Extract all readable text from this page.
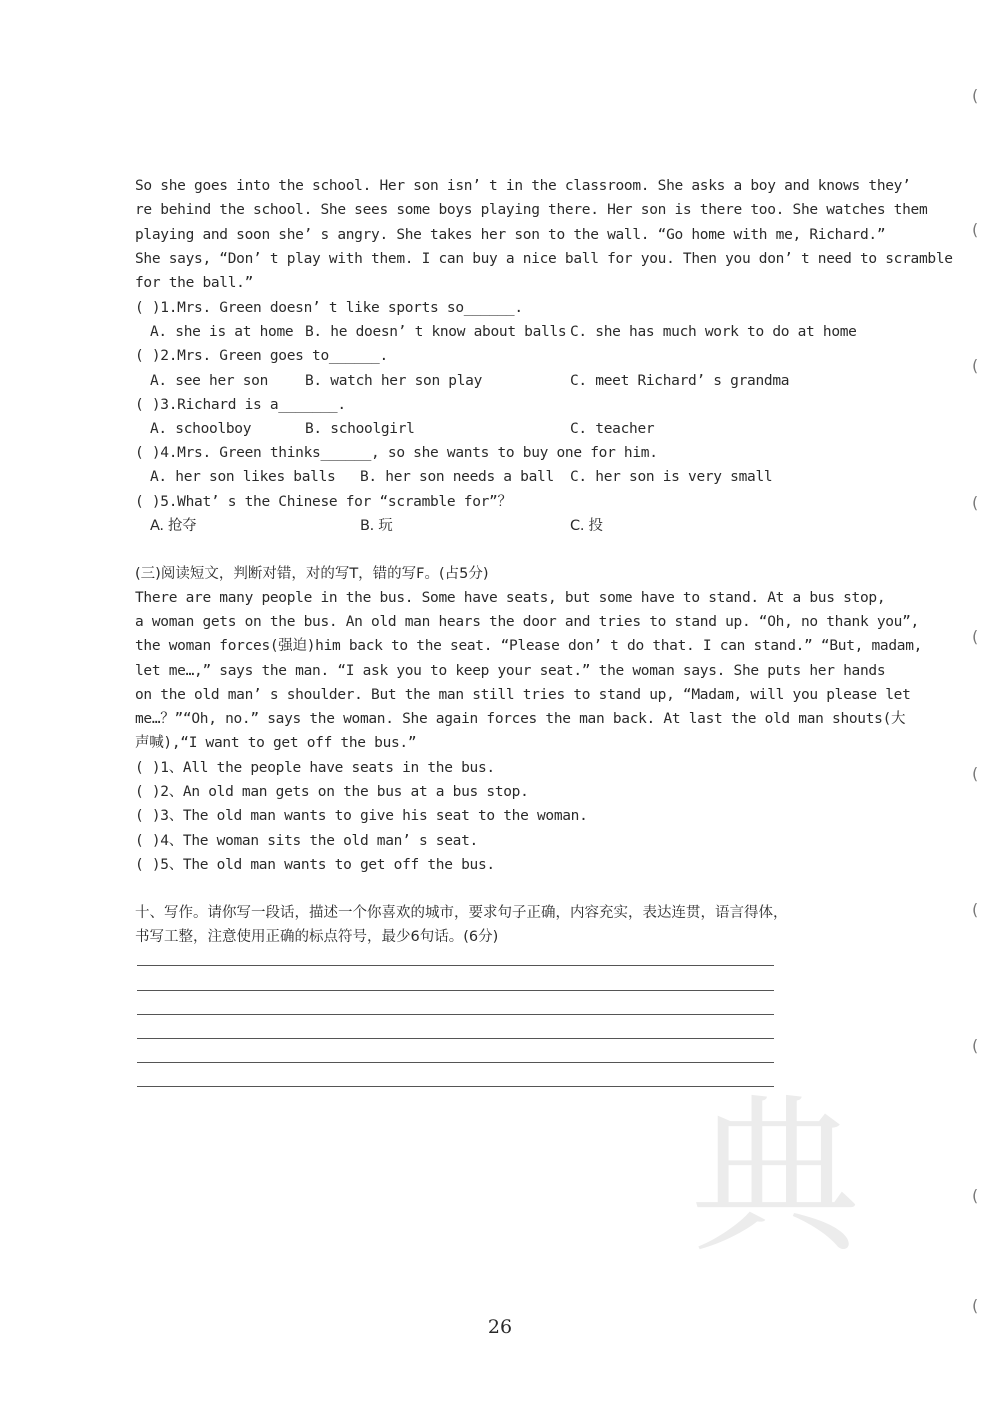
典
(
(
(
(
(
(
(
(
(
(
So she goes into the school. Her son isn’ t in the classroom. She asks a boy and knows they’
re behind the school. She sees some boys playing there. Her son is there too. She watches them
playing and soon she’ s angry. She takes her son to the wall. “Go home with me, Richard.”
She says, “Don’ t play with them. I can buy a nice ball for you. Then you don’ t need to scramble
for the ball.”
( )1.Mrs. Green doesn’ t like sports so______.
A. she is at home B. he doesn’ t know about balls C. she has much work to do at home
( )2.Mrs. Green goes to______.
A. see her son	B. watch her son play	C. meet Richard’ s grandma
( )3.Richard is a_______.
A. schoolboy	B. schoolgirl	C. teacher
( )4.Mrs. Green thinks______, so she wants to buy one for him.
A. her son likes balls B. her son needs a ball C. her son is very small
( )5.What’ s the Chinese for “scramble for”？
A. 抢夺	B. 玩	C. 投
(三)阅读短文，判断对错，对的写T，错的写F。(占5分)
There are many people in the bus. Some have seats, but some have to stand. At a bus stop,
a woman gets on the bus. An old man hears the door and tries to stand up. “Oh, no thank you”,
the woman forces(强迫)him back to the seat. “Please don’ t do that. I can stand.” “But, madam,
let me…,” says the man. “I ask you to keep your seat.” the woman says. She puts her hands
on the old man’ s shoulder. But the man still tries to stand up, “Madam, will you please let
me…？”“Oh, no.” says the woman. She again forces the man back. At last the old man shouts(大
声喊),“I want to get off the bus.”
( )1、All the people have seats in the bus.
( )2、An old man gets on the bus at a bus stop.
( )3、The old man wants to give his seat to the woman.
( )4、The woman sits the old man’ s seat.
( )5、The old man wants to get off the bus.
十、写作。请你写一段话，描述一个你喜欢的城市，要求句子正确，内容充实，表达连贯，语言得体，
书写工整，注意使用正确的标点符号，最少6句话。(6分)
26
